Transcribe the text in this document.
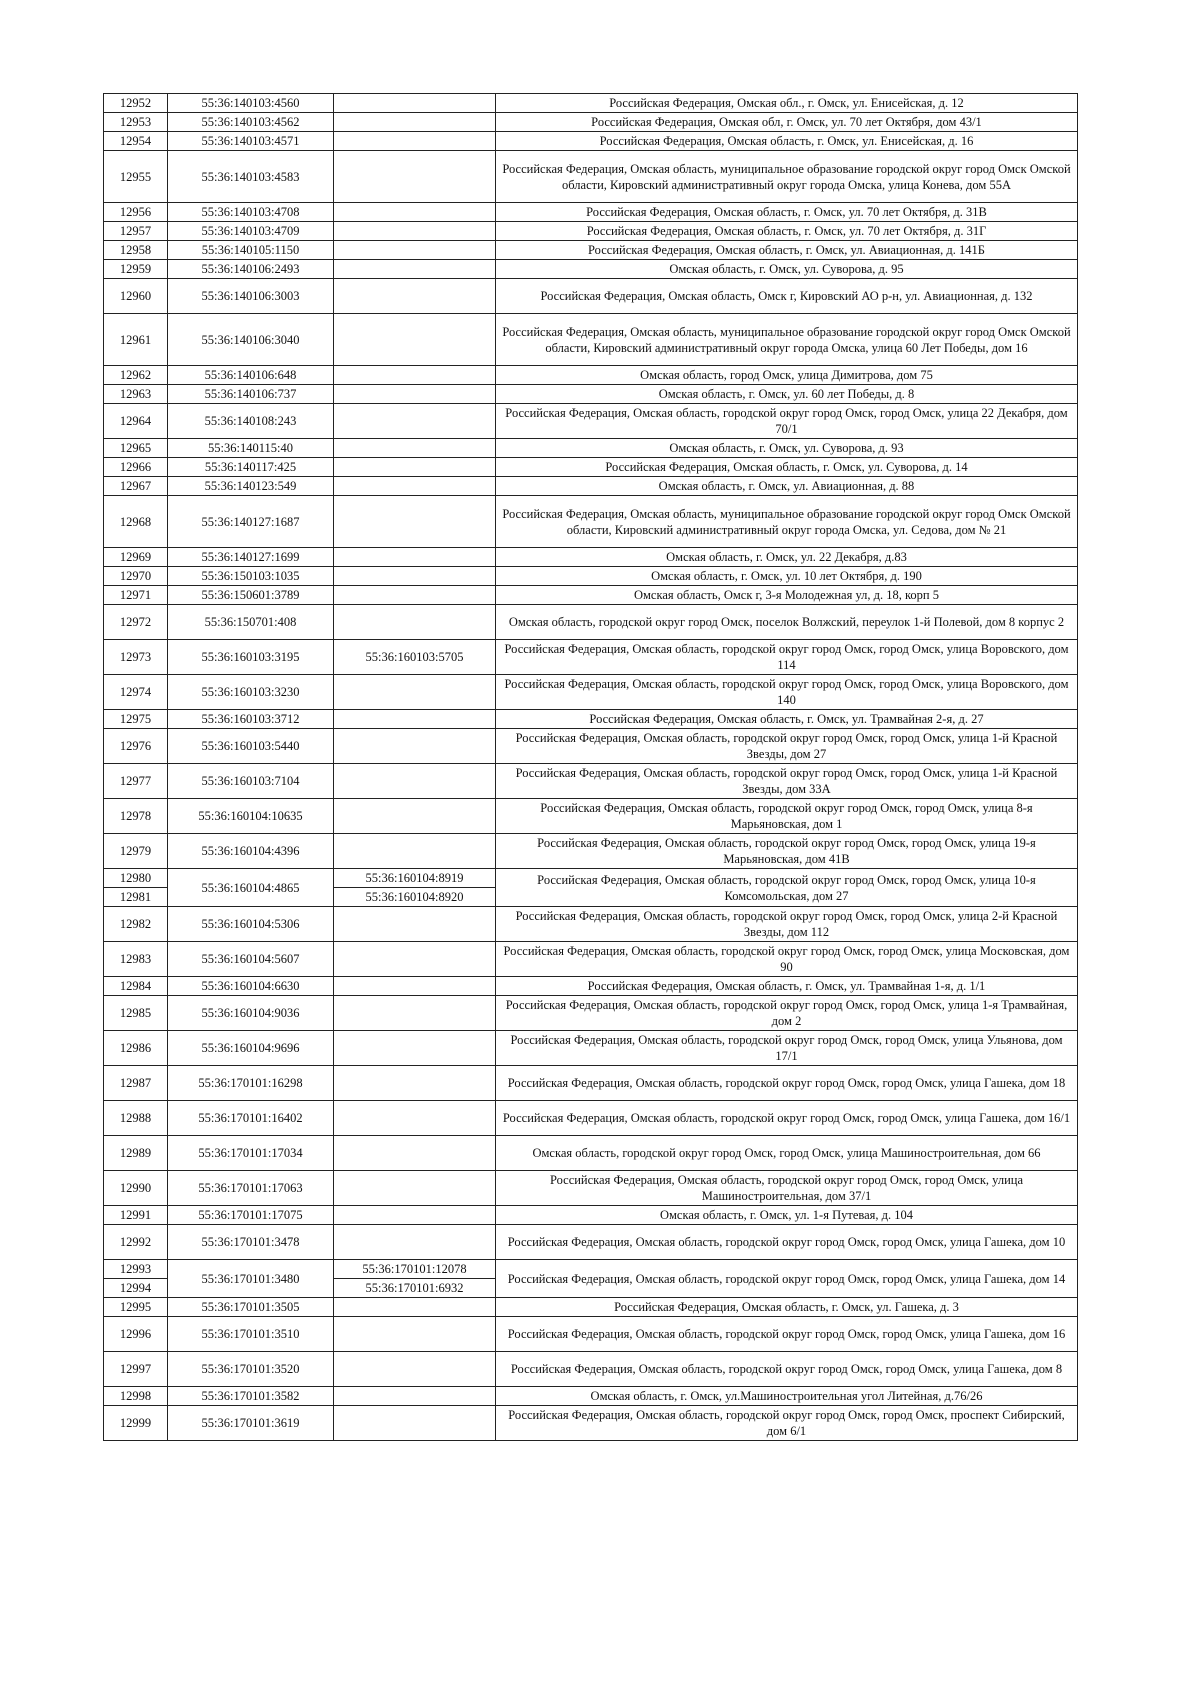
12952	55:36:140103:4560		Российская Федерация, Омская обл., г. Омск, ул. Енисейская, д. 12
12953	55:36:140103:4562		Российская Федерация, Омская обл, г. Омск, ул. 70 лет Октября, дом 43/1
12954	55:36:140103:4571		Российская Федерация, Омская область, г. Омск, ул. Енисейская, д. 16
12955	55:36:140103:4583		Российская Федерация, Омская область, муниципальное образование городской округ город Омск Омской области, Кировский административный округ города Омска, улица Конева, дом 55А
12956	55:36:140103:4708		Российская Федерация, Омская область, г. Омск, ул. 70 лет Октября, д. 31В
12957	55:36:140103:4709		Российская Федерация, Омская область, г. Омск, ул. 70 лет Октября, д. 31Г
12958	55:36:140105:1150		Российская Федерация, Омская область, г. Омск, ул. Авиационная, д. 141Б
12959	55:36:140106:2493		Омская область, г. Омск, ул. Суворова, д. 95
12960	55:36:140106:3003		Российская Федерация, Омская область, Омск г, Кировский АО р-н, ул. Авиационная, д. 132
12961	55:36:140106:3040		Российская Федерация, Омская область, муниципальное образование городской округ город Омск Омской области, Кировский административный округ города Омска, улица 60 Лет Победы, дом 16
12962	55:36:140106:648		Омская область, город Омск, улица Димитрова, дом 75
12963	55:36:140106:737		Омская область, г. Омск, ул. 60 лет Победы, д. 8
12964	55:36:140108:243		Российская Федерация, Омская область, городской округ город Омск, город Омск, улица 22 Декабря, дом 70/1
12965	55:36:140115:40		Омская область, г. Омск, ул. Суворова, д. 93
12966	55:36:140117:425		Российская Федерация, Омская область, г. Омск, ул. Суворова, д. 14
12967	55:36:140123:549		Омская область, г. Омск, ул. Авиационная, д. 88
12968	55:36:140127:1687		Российская Федерация, Омская область, муниципальное образование городской округ город Омск Омской области, Кировский административный округ города Омска, ул. Седова, дом № 21
12969	55:36:140127:1699		Омская область, г. Омск, ул. 22 Декабря, д.83
12970	55:36:150103:1035		Омская область, г. Омск, ул. 10 лет Октября, д. 190
12971	55:36:150601:3789		Омская область, Омск г, 3-я Молодежная ул, д. 18, корп 5
12972	55:36:150701:408		Омская область, городской округ город Омск, поселок Волжский, переулок 1-й Полевой, дом 8 корпус 2
12973	55:36:160103:3195	55:36:160103:5705	Российская Федерация, Омская область, городской округ город Омск, город Омск, улица Воровского, дом 114
12974	55:36:160103:3230		Российская Федерация, Омская область, городской округ город Омск, город Омск, улица Воровского, дом 140
12975	55:36:160103:3712		Российская Федерация, Омская область, г. Омск, ул. Трамвайная 2-я, д. 27
12976	55:36:160103:5440		Российская Федерация, Омская область, городской округ город Омск, город Омск, улица 1-й Красной Звезды, дом 27
12977	55:36:160103:7104		Российская Федерация, Омская область, городской округ город Омск, город Омск, улица 1-й Красной Звезды, дом 33А
12978	55:36:160104:10635		Российская Федерация, Омская область, городской округ город Омск, город Омск, улица 8-я Марьяновская, дом 1
12979	55:36:160104:4396		Российская Федерация, Омская область, городской округ город Омск, город Омск, улица 19-я Марьяновская, дом 41В
12980	55:36:160104:4865	55:36:160104:8919	Российская Федерация, Омская область, городской округ город Омск, город Омск, улица 10-я Комсомольская, дом 27
12981		55:36:160104:8920	
12982	55:36:160104:5306		Российская Федерация, Омская область, городской округ город Омск, город Омск, улица 2-й Красной Звезды, дом 112
12983	55:36:160104:5607		Российская Федерация, Омская область, городской округ город Омск, город Омск, улица Московская, дом 90
12984	55:36:160104:6630		Российская Федерация, Омская область, г. Омск, ул. Трамвайная 1-я, д. 1/1
12985	55:36:160104:9036		Российская Федерация, Омская область, городской округ город Омск, город Омск, улица 1-я Трамвайная, дом 2
12986	55:36:160104:9696		Российская Федерация, Омская область, городской округ город Омск, город Омск, улица Ульянова, дом 17/1
12987	55:36:170101:16298		Российская Федерация, Омская область, городской округ город Омск, город Омск, улица Гашека, дом 18
12988	55:36:170101:16402		Российская Федерация, Омская область, городской округ город Омск, город Омск, улица Гашека, дом 16/1
12989	55:36:170101:17034		Омская область, городской округ город Омск, город Омск, улица Машиностроительная, дом 66
12990	55:36:170101:17063		Российская Федерация, Омская область, городской округ город Омск, город Омск, улица Машиностроительная, дом 37/1
12991	55:36:170101:17075		Омская область, г. Омск, ул. 1-я Путевая, д. 104
12992	55:36:170101:3478		Российская Федерация, Омская область, городской округ город Омск, город Омск, улица Гашека, дом 10
12993	55:36:170101:3480	55:36:170101:12078	Российская Федерация, Омская область, городской округ город Омск, город Омск, улица Гашека, дом 14
12994		55:36:170101:6932	
12995	55:36:170101:3505		Российская Федерация, Омская область, г. Омск, ул. Гашека, д. 3
12996	55:36:170101:3510		Российская Федерация, Омская область, городской округ город Омск, город Омск, улица Гашека, дом 16
12997	55:36:170101:3520		Российская Федерация, Омская область, городской округ город Омск, город Омск, улица Гашека, дом 8
12998	55:36:170101:3582		Омская область, г. Омск, ул.Машиностроительная угол Литейная, д.76/26
12999	55:36:170101:3619		Российская Федерация, Омская область, городской округ город Омск, город Омск, проспект Сибирский, дом 6/1
